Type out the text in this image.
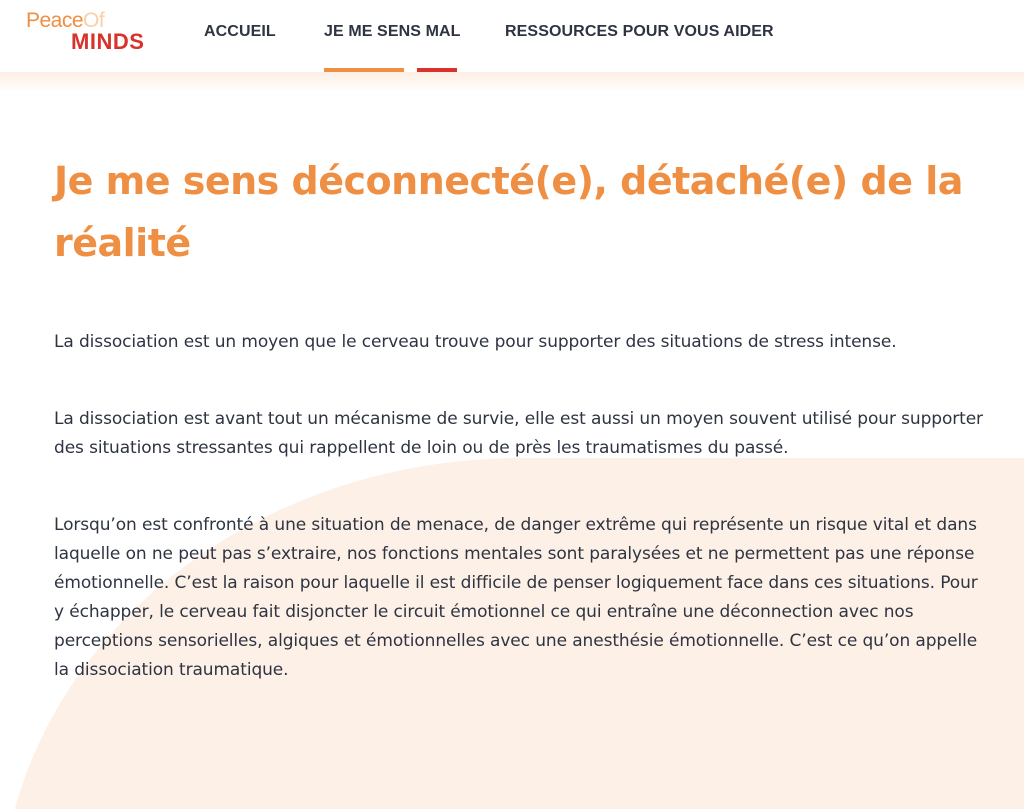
PeaceOf
MINDS	ACCUEIL	JE ME SENS MAL	RESSOURCES POUR VOUS AIDER
Je me sens déconnecté(e), détaché(e) de la réalité

La dissociation est un moyen que le cerveau trouve pour supporter des situations de stress intense.

La dissociation est avant tout un mécanisme de survie, elle est aussi un moyen souvent utilisé pour supporter des situations stressantes qui rappellent de loin ou de près les traumatismes du passé.

Lorsqu’on est confronté à une situation de menace, de danger extrême qui représente un risque vital et dans laquelle on ne peut pas s’extraire, nos fonctions mentales sont paralysées et ne permettent pas une réponse émotionnelle. C’est la raison pour laquelle il est difficile de penser logiquement face dans ces situations. Pour y échapper, le cerveau fait disjoncter le circuit émotionnel ce qui entraîne une déconnection avec nos perceptions sensorielles, algiques et émotionnelles avec une anesthésie émotionnelle. C’est ce qu’on appelle la dissociation traumatique.
